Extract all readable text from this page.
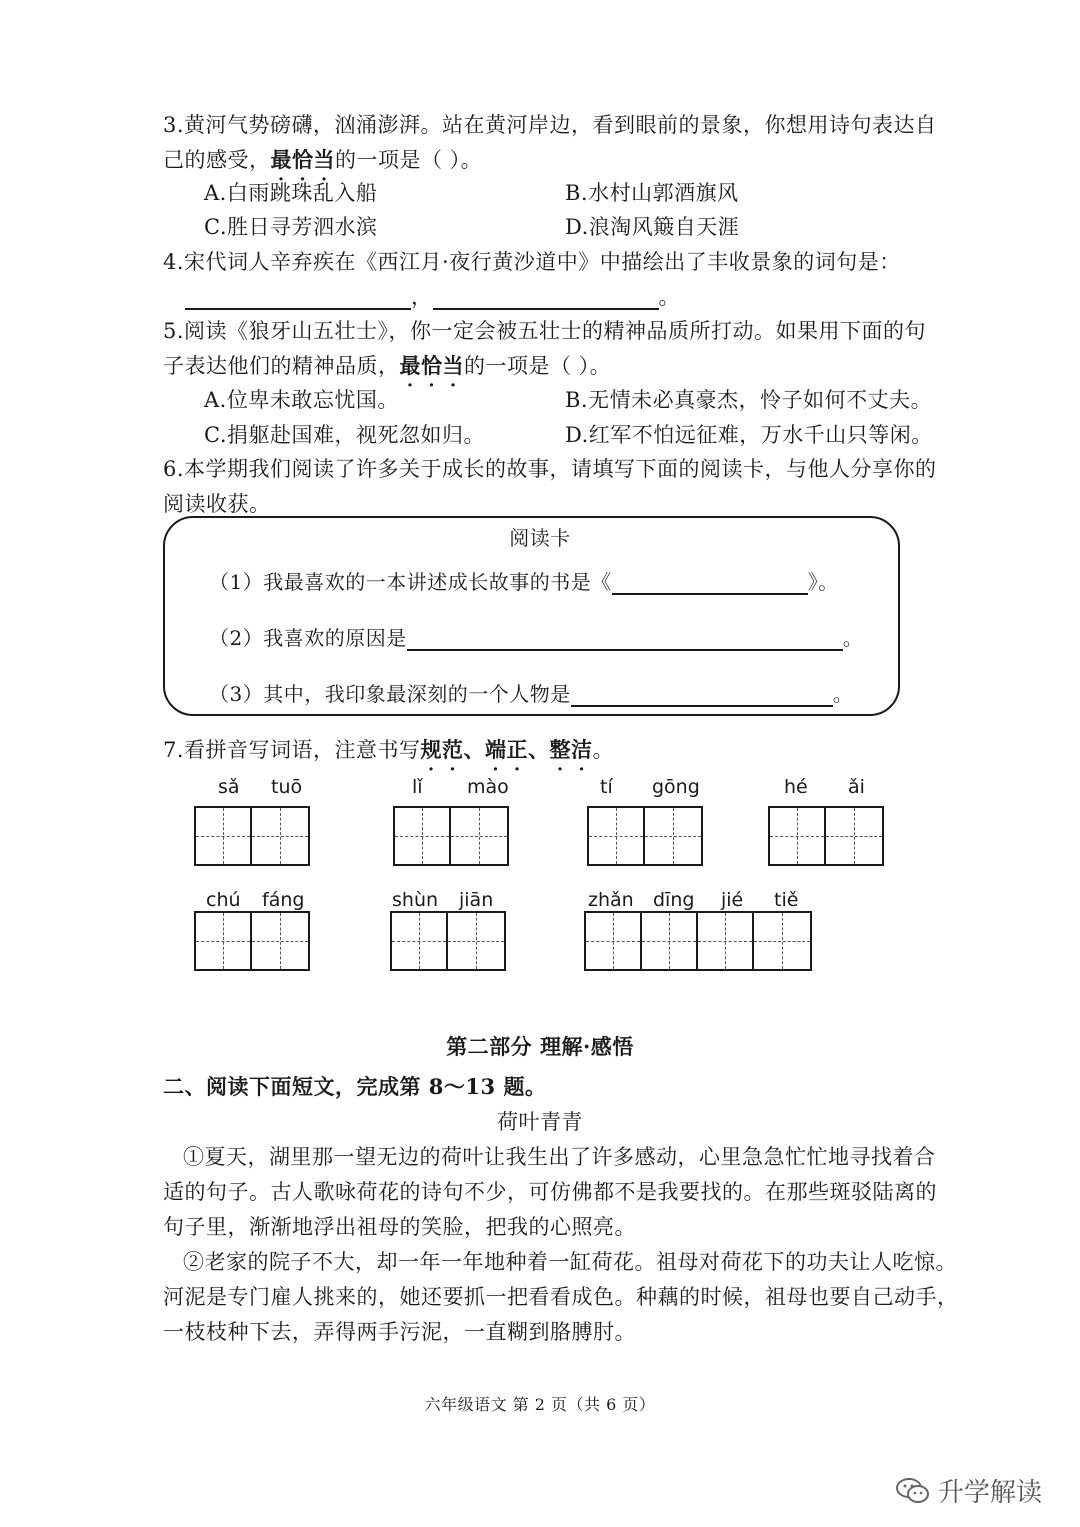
3.黄河气势磅礴，汹涌澎湃。站在黄河岸边，看到眼前的景象，你想用诗句表达自
己的感受，最恰当的一项是（ ）。
A.白雨跳珠乱入船	B.水村山郭酒旗风
C.胜日寻芳泗水滨	D.浪淘风簸自天涯
4.宋代词人辛弃疾在《西江月·夜行黄沙道中》中描绘出了丰收景象的词句是：
，	。
5.阅读《狼牙山五壮士》，你一定会被五壮士的精神品质所打动。如果用下面的句
子表达他们的精神品质，最恰当的一项是（ ）。
A.位卑未敢忘忧国。	B.无情未必真豪杰，怜子如何不丈夫。
C.捐躯赴国难，视死忽如归。	D.红军不怕远征难，万水千山只等闲。
6.本学期我们阅读了许多关于成长的故事，请填写下面的阅读卡，与他人分享你的
阅读收获。
阅读卡
（1）我最喜欢的一本讲述成长故事的书是《	》。
（2）我喜欢的原因是	。
（3）其中，我印象最深刻的一个人物是	。
7.看拼音写词语，注意书写规范、端正、整洁。
sǎ tuō	lǐ mào	tí gōng	hé ǎi
chú fáng	shùn jiān	zhǎn dīng jié tiě
第二部分 理解·感悟
二、阅读下面短文，完成第 8～13 题。
荷叶青青
①夏天，湖里那一望无边的荷叶让我生出了许多感动，心里急急忙忙地寻找着合
适的句子。古人歌咏荷花的诗句不少，可仿佛都不是我要找的。在那些斑驳陆离的
句子里，渐渐地浮出祖母的笑脸，把我的心照亮。
②老家的院子不大，却一年一年地种着一缸荷花。祖母对荷花下的功夫让人吃惊。
河泥是专门雇人挑来的，她还要抓一把看看成色。种藕的时候，祖母也要自己动手，
一枝枝种下去，弄得两手污泥，一直糊到胳膊肘。
六年级语文 第 2 页（共 6 页）
升学解读
